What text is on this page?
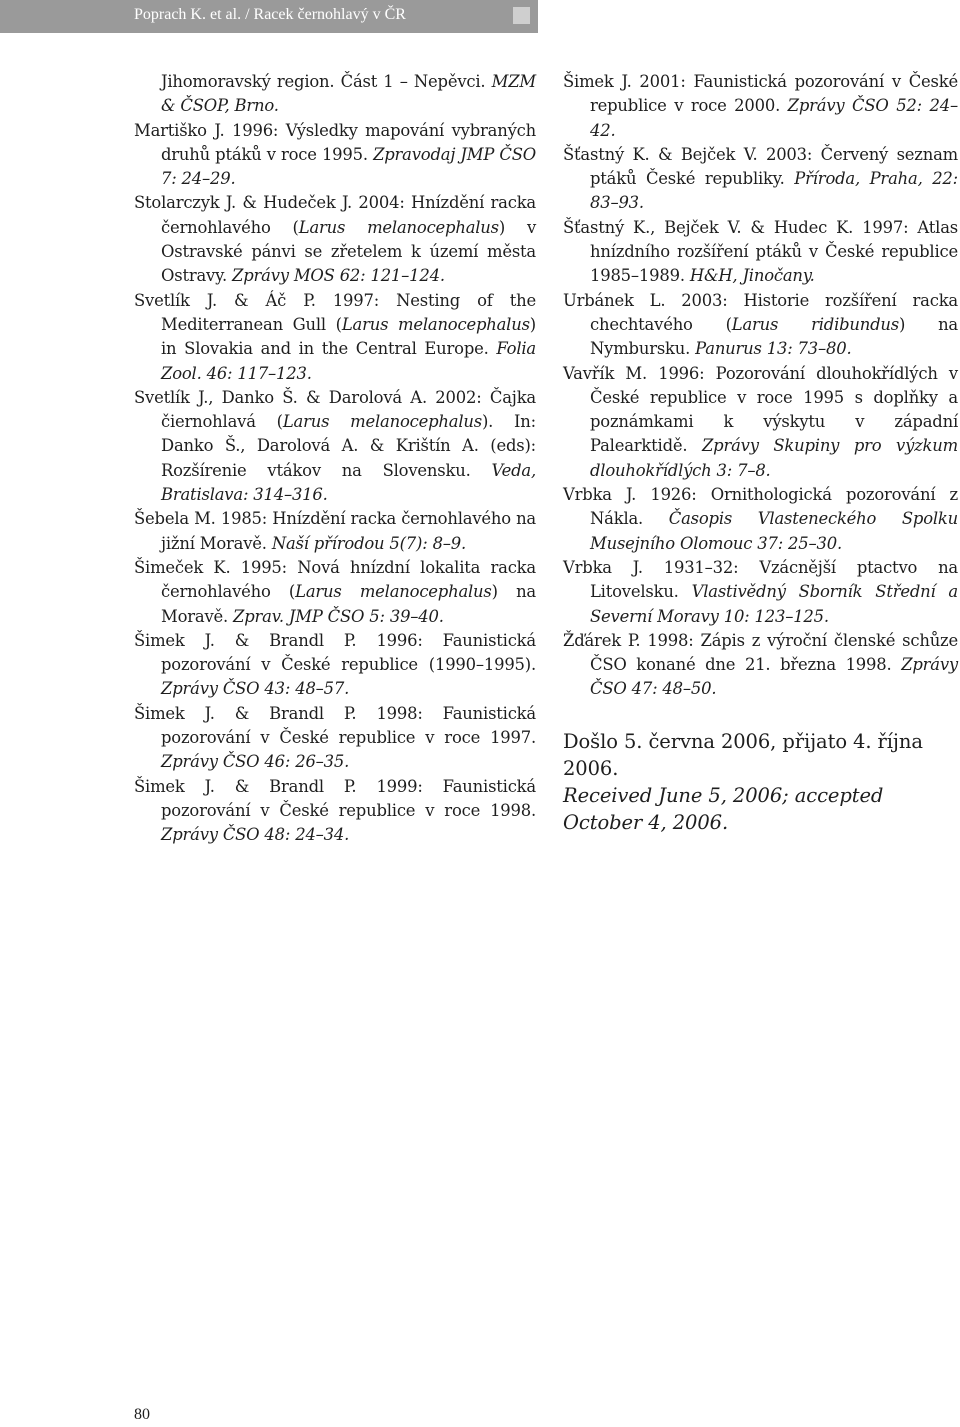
Poprach K. et al. / Racek černohlavý v ČR

Jihomoravský region. Část 1 – Nepěvci. MZM & ČSOP, Brno.

Martiško J. 1996: Výsledky mapování vybraných druhů ptáků v roce 1995. Zpravodaj JMP ČSO 7: 24–29.

Stolarczyk J. & Hudeček J. 2004: Hnízdění racka černohlavého (Larus melanocephalus) v Ostravské pánvi se zřetelem k území města Ostravy. Zprávy MOS 62: 121–124.

Svetlík J. & Áč P. 1997: Nesting of the Mediterranean Gull (Larus melanocephalus) in Slovakia and in the Central Europe. Folia Zool. 46: 117–123.

Svetlík J., Danko Š. & Darolová A. 2002: Čajka čiernohlavá (Larus melanocephalus). In: Danko Š., Darolová A. & Krištín A. (eds): Rozšírenie vtákov na Slovensku. Veda, Bratislava: 314–316.

Šebela M. 1985: Hnízdění racka černohlavého na jižní Moravě. Naší přírodou 5(7): 8–9.

Šimeček K. 1995: Nová hnízdní lokalita racka černohlavého (Larus melanocephalus) na Moravě. Zprav. JMP ČSO 5: 39–40.

Šimek J. & Brandl P. 1996: Faunistická pozorování v České republice (1990–1995). Zprávy ČSO 43: 48–57.

Šimek J. & Brandl P. 1998: Faunistická pozorování v České republice v roce 1997. Zprávy ČSO 46: 26–35.

Šimek J. & Brandl P. 1999: Faunistická pozorování v České republice v roce 1998. Zprávy ČSO 48: 24–34.

Šimek J. 2001: Faunistická pozorování v České republice v roce 2000. Zprávy ČSO 52: 24–42.

Šťastný K. & Bejček V. 2003: Červený seznam ptáků České republiky. Příroda, Praha, 22: 83–93.

Šťastný K., Bejček V. & Hudec K. 1997: Atlas hnízdního rozšíření ptáků v České republice 1985–1989. H&H, Jinočany.

Urbánek L. 2003: Historie rozšíření racka chechtavého (Larus ridibundus) na Nymbursku. Panurus 13: 73–80.

Vavřík M. 1996: Pozorování dlouhokřídlých v České republice v roce 1995 s doplňky a poznámkami k výskytu v západní Palearktidě. Zprávy Skupiny pro výzkum dlouhokřídlých 3: 7–8.

Vrbka J. 1926: Ornithologická pozorování z Nákla. Časopis Vlasteneckého Spolku Musejního Olomouc 37: 25–30.

Vrbka J. 1931–32: Vzácnější ptactvo na Litovelsku. Vlastivědný Sborník Střední a Severní Moravy 10: 123–125.

Žďárek P. 1998: Zápis z výroční členské schůze ČSO konané dne 21. března 1998. Zprávy ČSO 47: 48–50.

Došlo 5. června 2006, přijato 4. října 2006.

Received June 5, 2006; accepted October 4, 2006.

80
